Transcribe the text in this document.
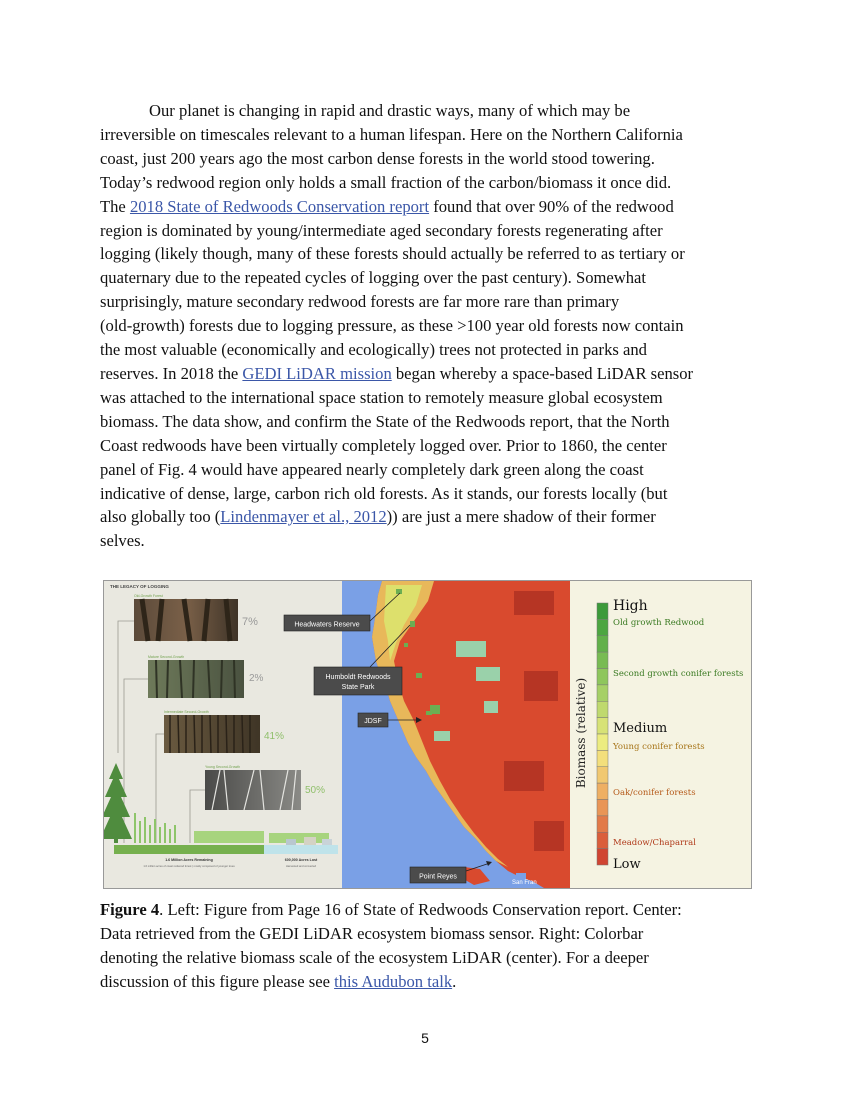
Our planet is changing in rapid and drastic ways, many of which may be
irreversible on timescales relevant to a human lifespan. Here on the Northern California
coast, just 200 years ago the most carbon dense forests in the world stood towering.
Today’s redwood region only holds a small fraction of the carbon/biomass it once did.
The 2018 State of Redwoods Conservation report found that over 90% of the redwood
region is dominated by young/intermediate aged secondary forests regenerating after
logging (likely though, many of these forests should actually be referred to as tertiary or
quaternary due to the repeated cycles of logging over the past century). Somewhat
surprisingly, mature secondary redwood forests are far more rare than primary
(old-growth) forests due to logging pressure, as these >100 year old forests now contain
the most valuable (economically and ecologically) trees not protected in parks and
reserves. In 2018 the GEDI LiDAR mission began whereby a space-based LiDAR sensor
was attached to the international space station to remotely measure global ecosystem
biomass. The data show, and confirm the State of the Redwoods report, that the North
Coast redwoods have been virtually completely logged over. Prior to 1860, the center
panel of Fig. 4 would have appeared nearly completely dark green along the coast
indicative of dense, large, carbon rich old forests. As it stands, our forests locally (but
also globally too (Lindenmayer et al., 2012)) are just a mere shadow of their former
selves.
THE LEGACY OF LOGGING
Old-Growth Forest
7%
Mature Second-Growth
2%
Intermediate Second-Growth
41%
Young Second-Growth
50%
1.6 Million Acres Remaining
1.6 million acres of coast redwood forest | mostly composed of younger trees
600,000 Acres Lost
Harvested and converted
Headwaters Reserve
Humboldt Redwoods
State Park
JDSF
Point Reyes
San Fran
Biomass (relative)
High
Old growth Redwood
Second growth conifer forests
Medium
Young conifer forests
Oak/conifer forests
Meadow/Chaparral
Low
Figure 4. Left: Figure from Page 16 of State of Redwoods Conservation report. Center:
Data retrieved from the GEDI LiDAR ecosystem biomass sensor. Right: Colorbar
denoting the relative biomass scale of the ecosystem LiDAR (center). For a deeper
discussion of this figure please see this Audubon talk.
5
